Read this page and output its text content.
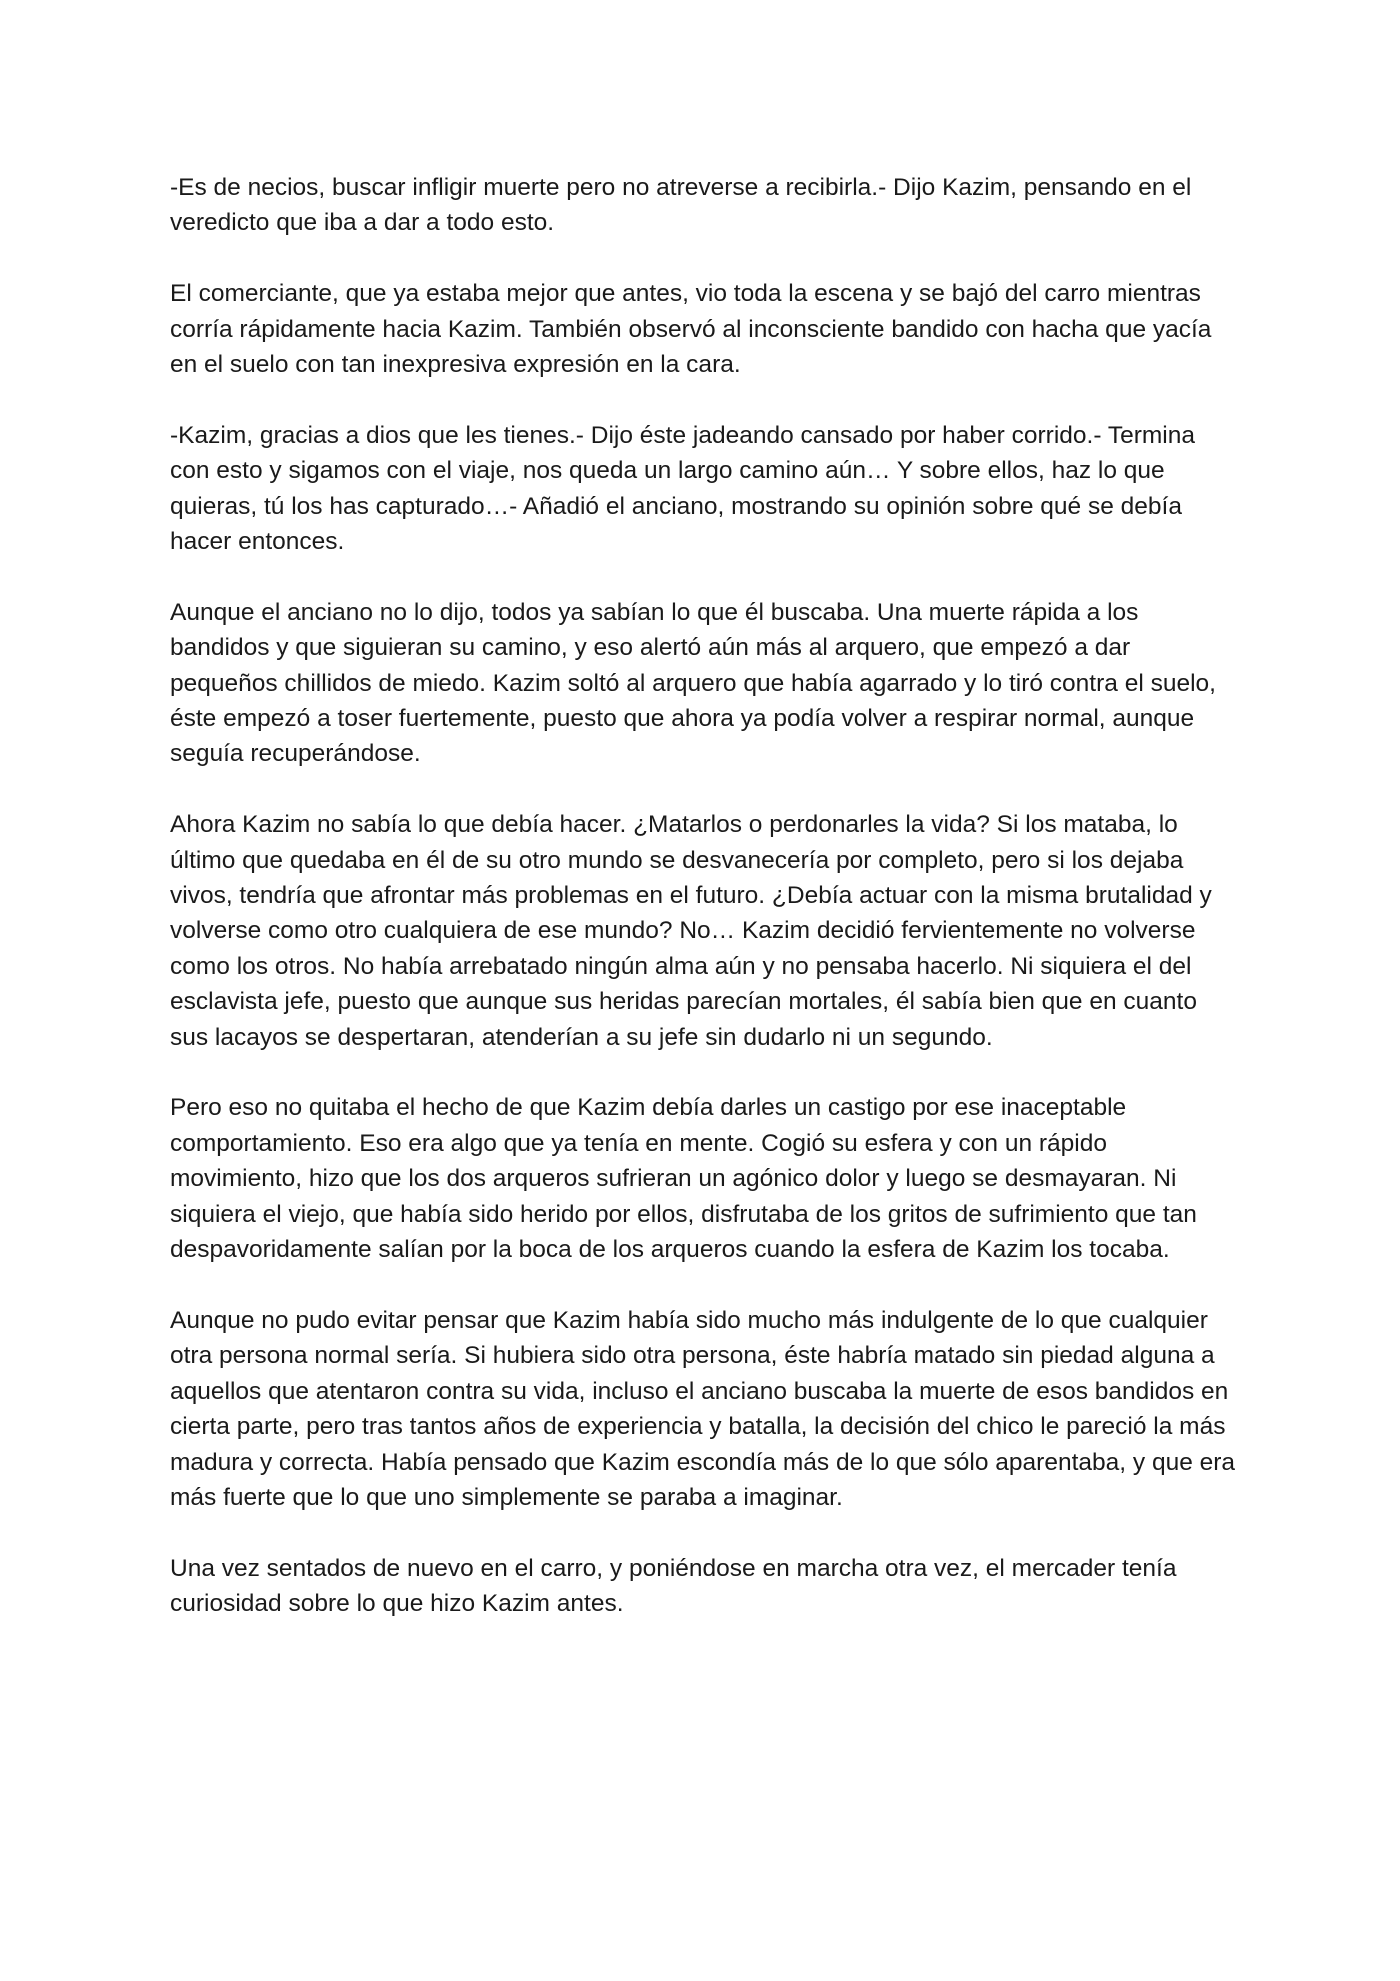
-Es de necios, buscar infligir muerte pero no atreverse a recibirla.- Dijo Kazim, pensando en el veredicto que iba a dar a todo esto.

El comerciante, que ya estaba mejor que antes, vio toda la escena y se bajó del carro mientras corría rápidamente hacia Kazim. También observó al inconsciente bandido con hacha que yacía en el suelo con tan inexpresiva expresión en la cara.

-Kazim, gracias a dios que les tienes.- Dijo éste jadeando cansado por haber corrido.- Termina con esto y sigamos con el viaje, nos queda un largo camino aún… Y sobre ellos, haz lo que quieras, tú los has capturado…- Añadió el anciano, mostrando su opinión sobre qué se debía hacer entonces.

Aunque el anciano no lo dijo, todos ya sabían lo que él buscaba. Una muerte rápida a los bandidos y que siguieran su camino, y eso alertó aún más al arquero, que empezó a dar pequeños chillidos de miedo. Kazim soltó al arquero que había agarrado y lo tiró contra el suelo, éste empezó a toser fuertemente, puesto que ahora ya podía volver a respirar normal, aunque seguía recuperándose.

Ahora Kazim no sabía lo que debía hacer. ¿Matarlos o perdonarles la vida? Si los mataba, lo último que quedaba en él de su otro mundo se desvanecería por completo, pero si los dejaba vivos, tendría que afrontar más problemas en el futuro. ¿Debía actuar con la misma brutalidad y volverse como otro cualquiera de ese mundo? No… Kazim decidió fervientemente no volverse como los otros. No había arrebatado ningún alma aún y no pensaba hacerlo. Ni siquiera el del esclavista jefe, puesto que aunque sus heridas parecían mortales, él sabía bien que en cuanto sus lacayos se despertaran, atenderían a su jefe sin dudarlo ni un segundo.

Pero eso no quitaba el hecho de que Kazim debía darles un castigo por ese inaceptable comportamiento. Eso era algo que ya tenía en mente. Cogió su esfera y con un rápido movimiento, hizo que los dos arqueros sufrieran un agónico dolor y luego se desmayaran. Ni siquiera el viejo, que había sido herido por ellos, disfrutaba de los gritos de sufrimiento que tan despavoridamente salían por la boca de los arqueros cuando la esfera de Kazim los tocaba.

Aunque no pudo evitar pensar que Kazim había sido mucho más indulgente de lo que cualquier otra persona normal sería. Si hubiera sido otra persona, éste habría matado sin piedad alguna a aquellos que atentaron contra su vida, incluso el anciano buscaba la muerte de esos bandidos en cierta parte, pero tras tantos años de experiencia y batalla, la decisión del chico le pareció la más madura y correcta. Había pensado que Kazim escondía más de lo que sólo aparentaba, y que era más fuerte que lo que uno simplemente se paraba a imaginar.

Una vez sentados de nuevo en el carro, y poniéndose en marcha otra vez, el mercader tenía curiosidad sobre lo que hizo Kazim antes.
